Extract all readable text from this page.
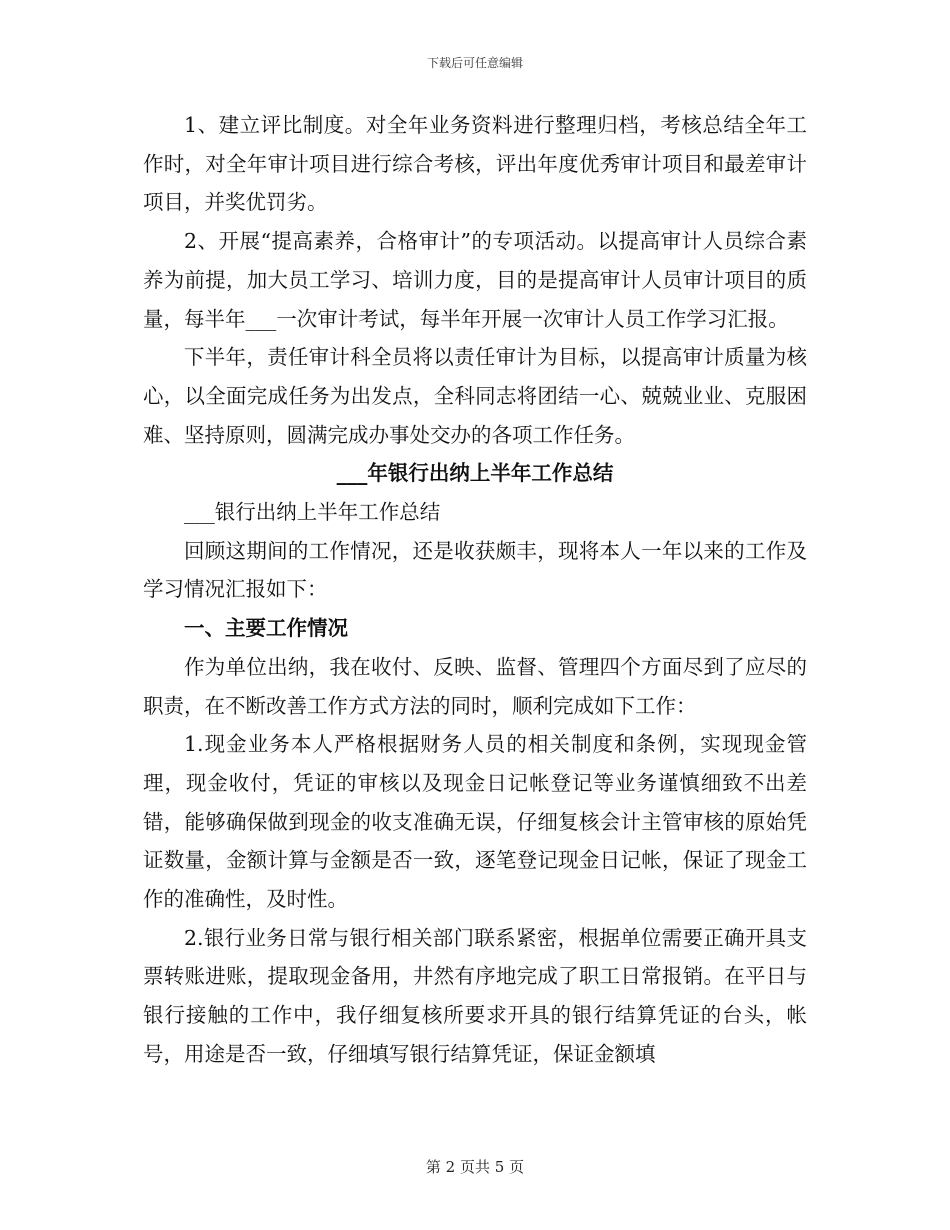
下载后可任意编辑

1、建立评比制度。对全年业务资料进行整理归档，考核总结全年工作时，对全年审计项目进行综合考核，评出年度优秀审计项目和最差审计项目，并奖优罚劣。

2、开展“提高素养，合格审计”的专项活动。以提高审计人员综合素养为前提，加大员工学习、培训力度，目的是提高审计人员审计项目的质量，每半年___一次审计考试，每半年开展一次审计人员工作学习汇报。

下半年，责任审计科全员将以责任审计为目标，以提高审计质量为核心，以全面完成任务为出发点，全科同志将团结一心、兢兢业业、克服困难、坚持原则，圆满完成办事处交办的各项工作任务。

___年银行出纳上半年工作总结

___银行出纳上半年工作总结

回顾这期间的工作情况，还是收获颇丰，现将本人一年以来的工作及学习情况汇报如下：

一、主要工作情况

作为单位出纳，我在收付、反映、监督、管理四个方面尽到了应尽的职责，在不断改善工作方式方法的同时，顺利完成如下工作：

1.现金业务本人严格根据财务人员的相关制度和条例，实现现金管理，现金收付，凭证的审核以及现金日记帐登记等业务谨慎细致不出差错，能够确保做到现金的收支准确无误，仔细复核会计主管审核的原始凭证数量，金额计算与金额是否一致，逐笔登记现金日记帐，保证了现金工作的准确性，及时性。

2.银行业务日常与银行相关部门联系紧密，根据单位需要正确开具支票转账进账，提取现金备用，井然有序地完成了职工日常报销。在平日与银行接触的工作中，我仔细复核所要求开具的银行结算凭证的台头，帐号，用途是否一致，仔细填写银行结算凭证，保证金额填

第 2 页共 5 页
